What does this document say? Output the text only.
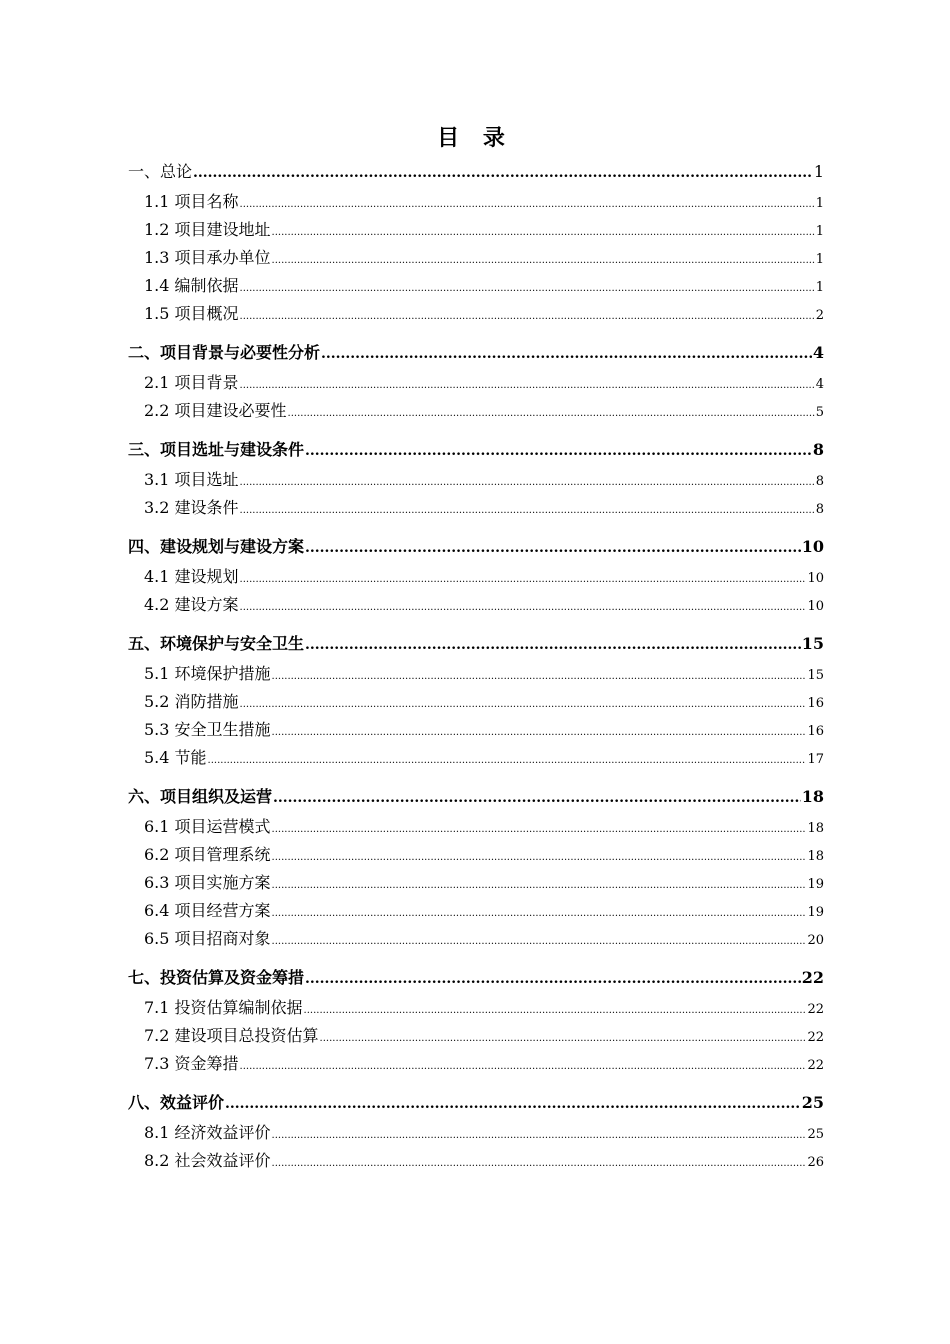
目 录
一、总论 .....	1
1.1 项目名称 .....	1
1.2 项目建设地址 .....	1
1.3 项目承办单位 .....	1
1.4 编制依据 .....	1
1.5 项目概况 .....	2
二、项目背景与必要性分析 .....	4
2.1 项目背景 .....	4
2.2 项目建设必要性 .....	5
三、项目选址与建设条件 .....	8
3.1 项目选址 .....	8
3.2 建设条件 .....	8
四、建设规划与建设方案 .....	10
4.1 建设规划 .....	10
4.2 建设方案 .....	10
五、环境保护与安全卫生 .....	15
5.1 环境保护措施 .....	15
5.2 消防措施 .....	16
5.3 安全卫生措施 .....	16
5.4 节能 .....	17
六、项目组织及运营 .....	18
6.1 项目运营模式 .....	18
6.2 项目管理系统 .....	18
6.3 项目实施方案 .....	19
6.4 项目经营方案 .....	19
6.5 项目招商对象 .....	20
七、投资估算及资金筹措 .....	22
7.1 投资估算编制依据 .....	22
7.2 建设项目总投资估算 .....	22
7.3 资金筹措 .....	22
八、效益评价 .....	25
8.1 经济效益评价 .....	25
8.2 社会效益评价 .....	26
